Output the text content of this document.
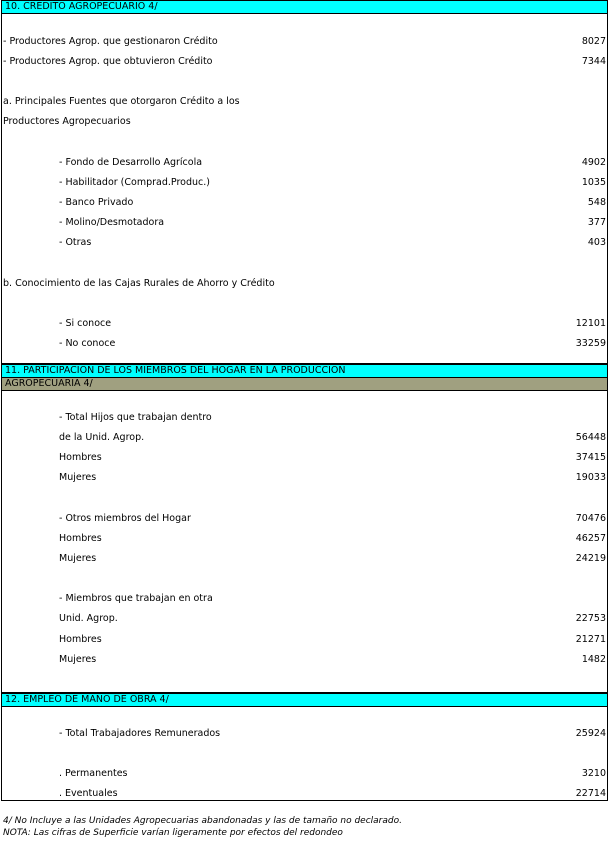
10. CREDITO AGROPECUARIO 4/
- Productores Agrop. que gestionaron Crédito	8027
- Productores Agrop. que obtuvieron Crédito	7344
a. Principales Fuentes que otorgaron Crédito a los
Productores Agropecuarios
- Fondo de Desarrollo Agrícola	4902
- Habilitador (Comprad.Produc.)	1035
- Banco Privado	548
- Molino/Desmotadora	377
- Otras	403
b. Conocimiento de las Cajas Rurales de Ahorro y Crédito
- Si conoce	12101
- No conoce	33259
11. PARTICIPACION DE LOS MIEMBROS DEL HOGAR EN LA PRODUCCION
AGROPECUARIA 4/
- Total Hijos que trabajan dentro
de la Unid. Agrop.	56448
Hombres	37415
Mujeres	19033
- Otros miembros del Hogar	70476
Hombres	46257
Mujeres	24219
- Miembros que trabajan en otra
Unid. Agrop.	22753
Hombres	21271
Mujeres	1482
12. EMPLEO DE MANO DE OBRA 4/
- Total Trabajadores Remunerados	25924
. Permanentes	3210
. Eventuales	22714
4/ No Incluye a las Unidades Agropecuarias abandonadas y las de tamaño no declarado.
NOTA: Las cifras de Superficie varían ligeramente por efectos del redondeo
